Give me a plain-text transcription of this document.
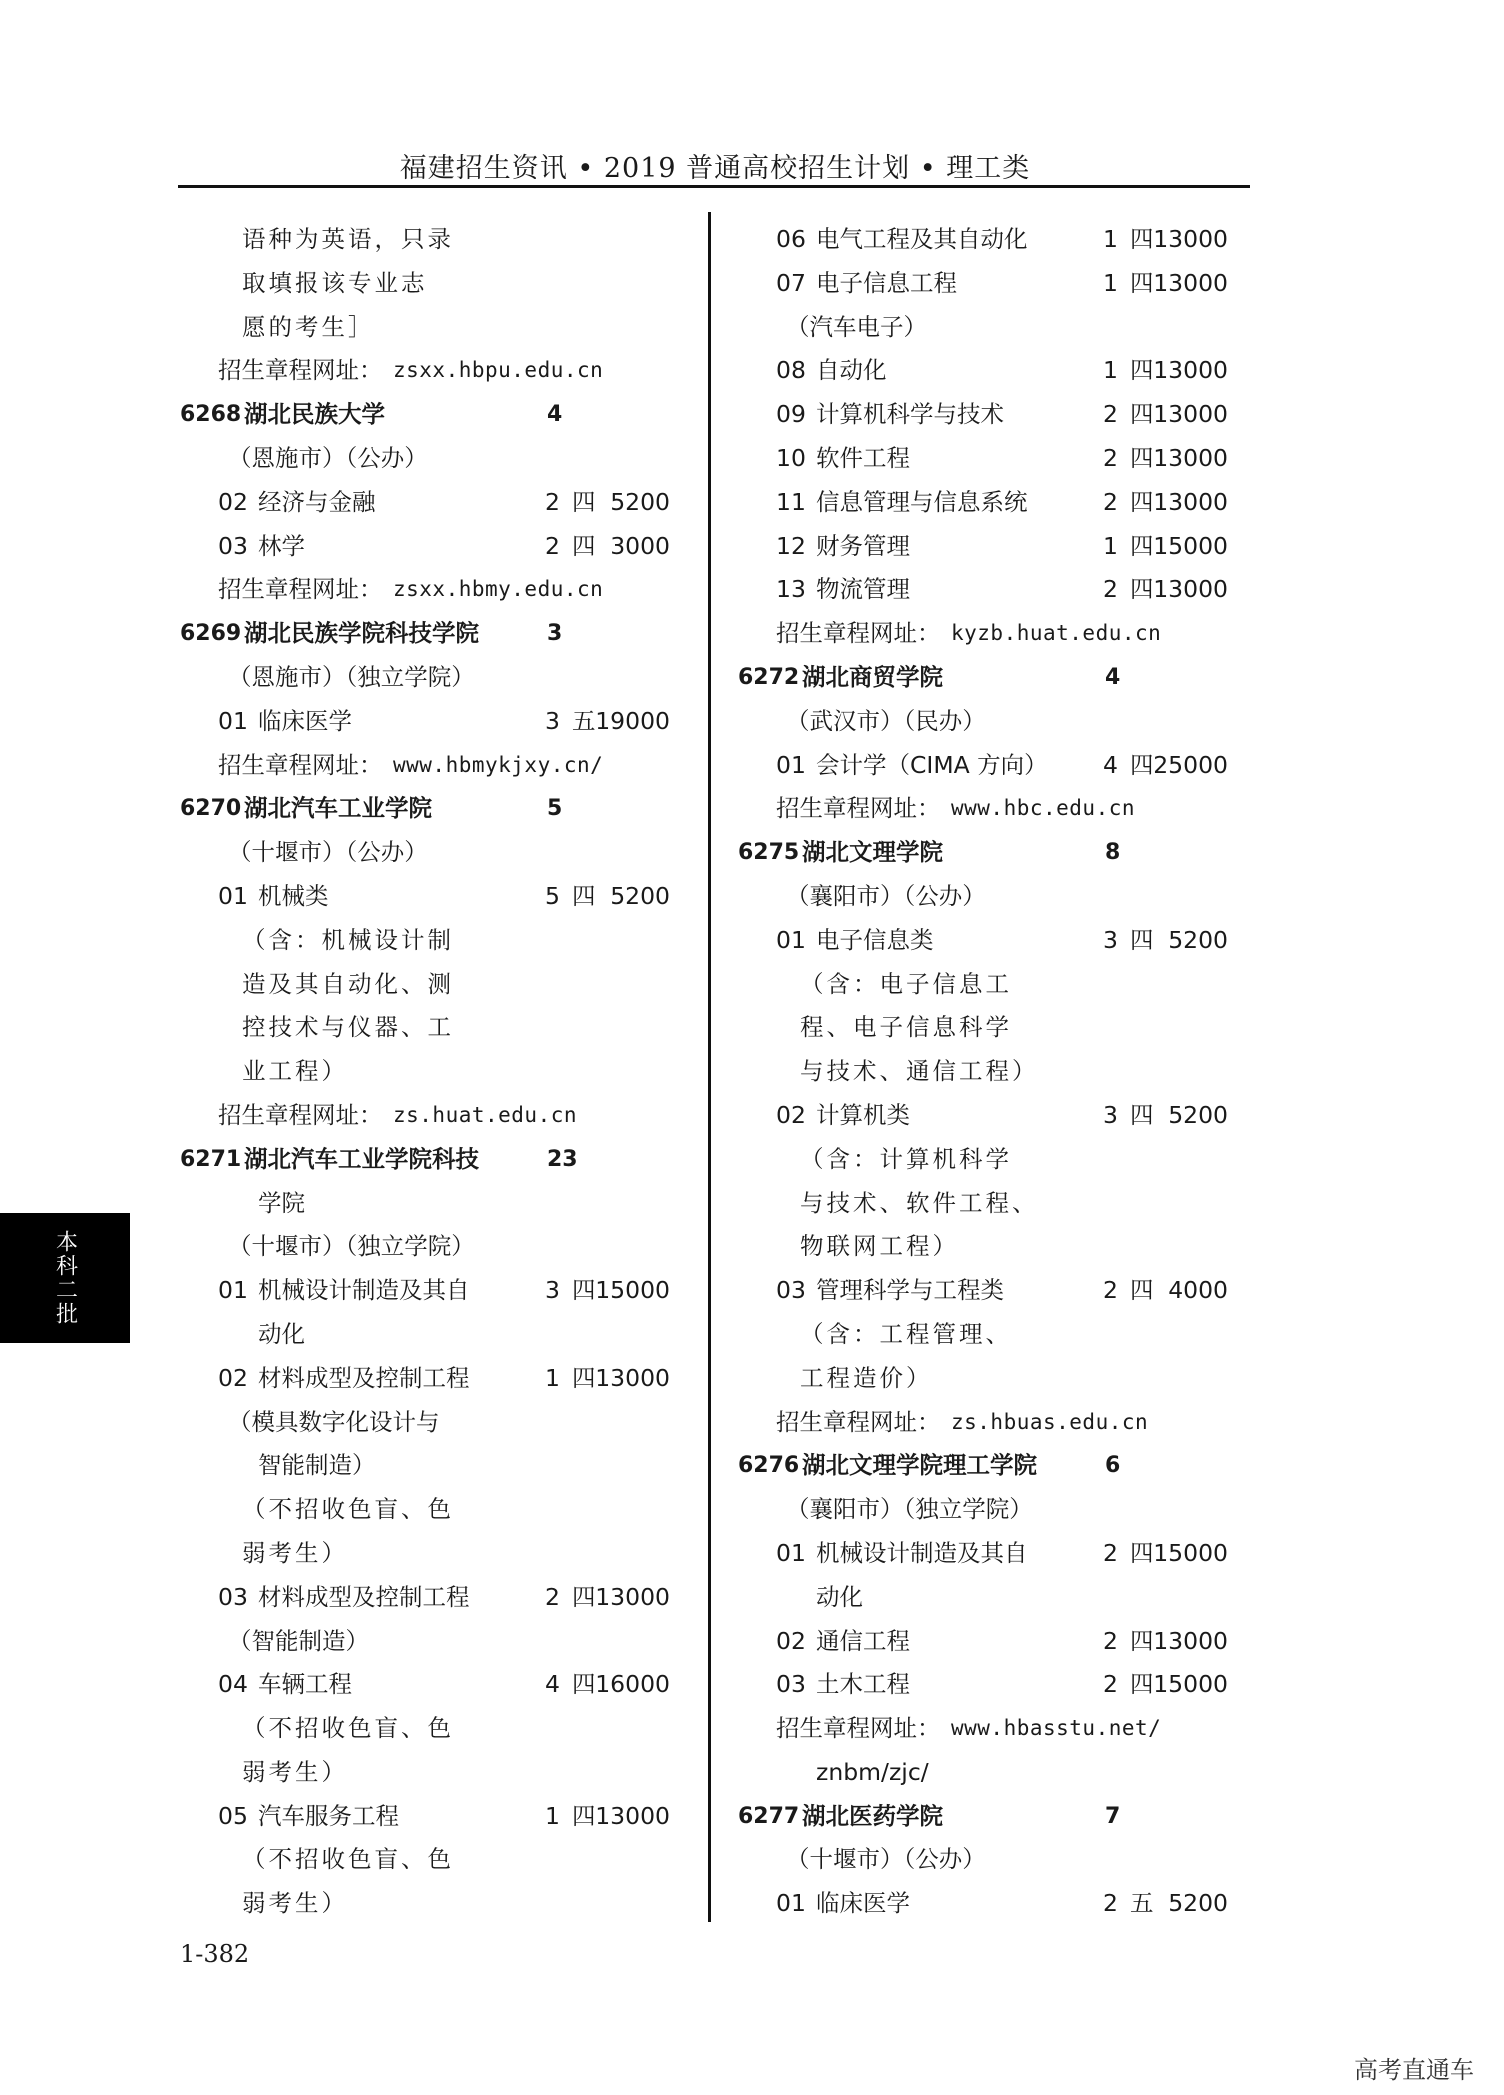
福建招生资讯 • 2019 普通高校招生计划 • 理工类
语种为英语，只录
取填报该专业志
愿的考生］
招生章程网址： zsxx.hbpu.edu.cn
6268 湖北民族大学	4
（恩施市）（公办）
02 经济与金融	2 四 5200
03 林学	2 四 3000
招生章程网址： zsxx.hbmy.edu.cn
6269 湖北民族学院科技学院	3
（恩施市）（独立学院）
01 临床医学	3 五 19000
招生章程网址： www.hbmykjxy.cn/
6270 湖北汽车工业学院	5
（十堰市）（公办）
01 机械类	5 四 5200
（含：机械设计制
造及其自动化、测
控技术与仪器、工
业工程）
招生章程网址： zs.huat.edu.cn
6271 湖北汽车工业学院科技	23
学院
（十堰市）（独立学院）
01 机械设计制造及其自	3 四 15000
动化
02 材料成型及控制工程	1 四 13000
（模具数字化设计与
智能制造）
（不招收色盲、色
弱考生）
03 材料成型及控制工程	2 四 13000
（智能制造）
04 车辆工程	4 四 16000
（不招收色盲、色
弱考生）
05 汽车服务工程	1 四 13000
（不招收色盲、色
弱考生）
06 电气工程及其自动化	1 四 13000
07 电子信息工程	1 四 13000
（汽车电子）
08 自动化	1 四 13000
09 计算机科学与技术	2 四 13000
10 软件工程	2 四 13000
11 信息管理与信息系统	2 四 13000
12 财务管理	1 四 15000
13 物流管理	2 四 13000
招生章程网址： kyzb.huat.edu.cn
6272 湖北商贸学院	4
（武汉市）（民办）
01 会计学（CIMA 方向） 4 四 25000
招生章程网址： www.hbc.edu.cn
6275 湖北文理学院	8
（襄阳市）（公办）
01 电子信息类	3 四 5200
（含：电子信息工
程、电子信息科学
与技术、通信工程）
02 计算机类	3 四 5200
（含：计算机科学
与技术、软件工程、
物联网工程）
03 管理科学与工程类	2 四 4000
（含：工程管理、
工程造价）
招生章程网址： zs.hbuas.edu.cn
6276 湖北文理学院理工学院	6
（襄阳市）（独立学院）
01 机械设计制造及其自	2 四 15000
动化
02 通信工程	2 四 13000
03 土木工程	2 四 15000
招生章程网址： www.hbasstu.net/
znbm/zjc/
6277 湖北医药学院	7
（十堰市）（公办）
01 临床医学	2 五 5200
本科二批
1-382
高考直通车
